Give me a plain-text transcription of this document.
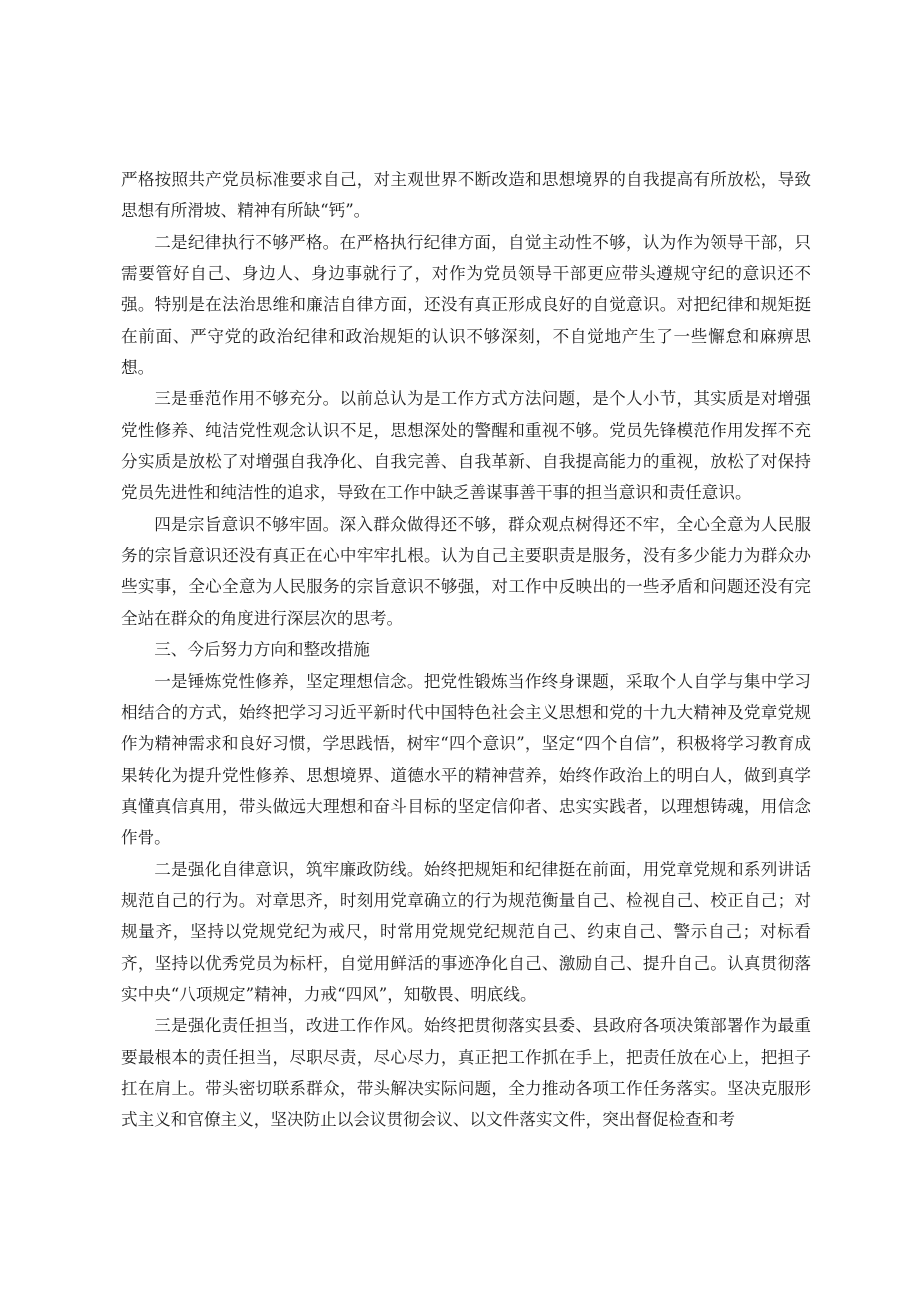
严格按照共产党员标准要求自己，对主观世界不断改造和思想境界的自我提高有所放松，导致思想有所滑坡、精神有所缺“钙”。

二是纪律执行不够严格。在严格执行纪律方面，自觉主动性不够，认为作为领导干部，只需要管好自己、身边人、身边事就行了，对作为党员领导干部更应带头遵规守纪的意识还不强。特别是在法治思维和廉洁自律方面，还没有真正形成良好的自觉意识。对把纪律和规矩挺在前面、严守党的政治纪律和政治规矩的认识不够深刻，不自觉地产生了一些懈怠和麻痹思想。

三是垂范作用不够充分。以前总认为是工作方式方法问题，是个人小节，其实质是对增强党性修养、纯洁党性观念认识不足，思想深处的警醒和重视不够。党员先锋模范作用发挥不充分实质是放松了对增强自我净化、自我完善、自我革新、自我提高能力的重视，放松了对保持党员先进性和纯洁性的追求，导致在工作中缺乏善谋事善干事的担当意识和责任意识。

四是宗旨意识不够牢固。深入群众做得还不够，群众观点树得还不牢，全心全意为人民服务的宗旨意识还没有真正在心中牢牢扎根。认为自己主要职责是服务，没有多少能力为群众办些实事，全心全意为人民服务的宗旨意识不够强，对工作中反映出的一些矛盾和问题还没有完全站在群众的角度进行深层次的思考。

三、今后努力方向和整改措施

一是锤炼党性修养，坚定理想信念。把党性锻炼当作终身课题，采取个人自学与集中学习相结合的方式，始终把学习习近平新时代中国特色社会主义思想和党的十九大精神及党章党规作为精神需求和良好习惯，学思践悟，树牢“四个意识”，坚定“四个自信”，积极将学习教育成果转化为提升党性修养、思想境界、道德水平的精神营养，始终作政治上的明白人，做到真学真懂真信真用，带头做远大理想和奋斗目标的坚定信仰者、忠实实践者，以理想铸魂，用信念作骨。

二是强化自律意识，筑牢廉政防线。始终把规矩和纪律挺在前面，用党章党规和系列讲话规范自己的行为。对章思齐，时刻用党章确立的行为规范衡量自己、检视自己、校正自己；对规量齐，坚持以党规党纪为戒尺，时常用党规党纪规范自己、约束自己、警示自己；对标看齐，坚持以优秀党员为标杆，自觉用鲜活的事迹净化自己、激励自己、提升自己。认真贯彻落实中央“八项规定”精神，力戒“四风”，知敬畏、明底线。

三是强化责任担当，改进工作作风。始终把贯彻落实县委、县政府各项决策部署作为最重要最根本的责任担当，尽职尽责，尽心尽力，真正把工作抓在手上，把责任放在心上，把担子扛在肩上。带头密切联系群众，带头解决实际问题，全力推动各项工作任务落实。坚决克服形式主义和官僚主义，坚决防止以会议贯彻会议、以文件落实文件，突出督促检查和考
